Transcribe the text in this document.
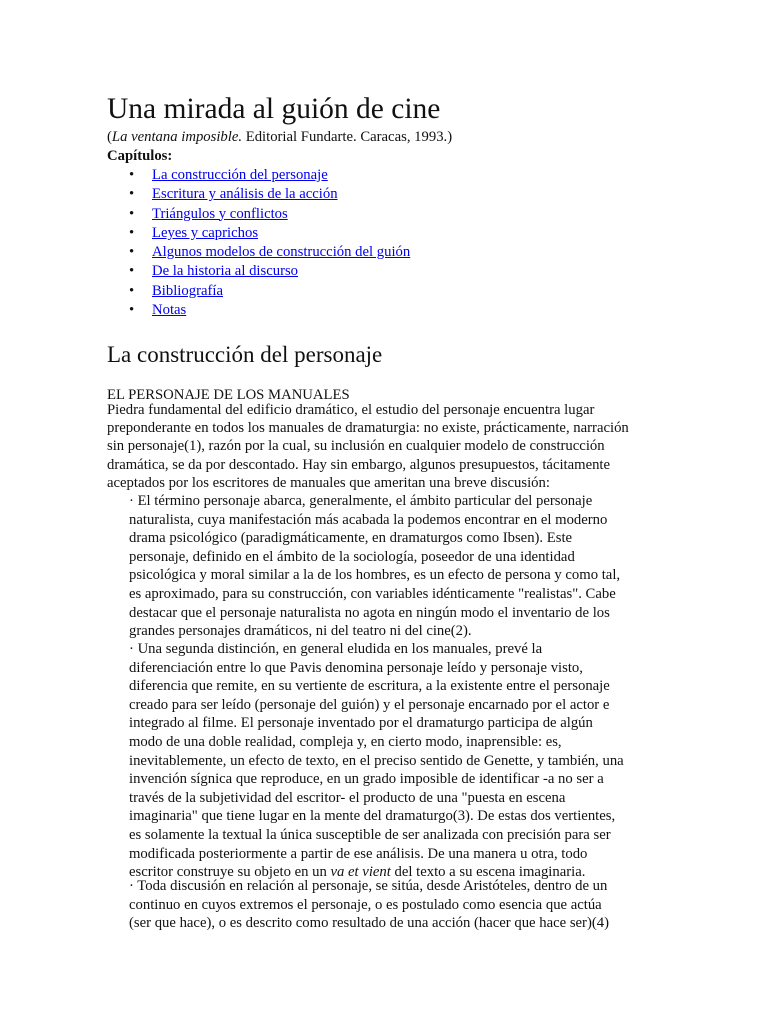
Una mirada al guión de cine
(La ventana imposible. Editorial Fundarte. Caracas, 1993.)
Capítulos:
• La construcción del personaje
• Escritura y análisis de la acción
• Triángulos y conflictos
• Leyes y caprichos
• Algunos modelos de construcción del guión
• De la historia al discurso
• Bibliografía
• Notas
La construcción del personaje
EL PERSONAJE DE LOS MANUALES
Piedra fundamental del edificio dramático, el estudio del personaje encuentra lugar
preponderante en todos los manuales de dramaturgia: no existe, prácticamente, narración
sin personaje(1), razón por la cual, su inclusión en cualquier modelo de construcción
dramática, se da por descontado. Hay sin embargo, algunos presupuestos, tácitamente
aceptados por los escritores de manuales que ameritan una breve discusión:
· El término personaje abarca, generalmente, el ámbito particular del personaje
naturalista, cuya manifestación más acabada la podemos encontrar en el moderno
drama psicológico (paradigmáticamente, en dramaturgos como Ibsen). Este
personaje, definido en el ámbito de la sociología, poseedor de una identidad
psicológica y moral similar a la de los hombres, es un efecto de persona y como tal,
es aproximado, para su construcción, con variables idénticamente "realistas". Cabe
destacar que el personaje naturalista no agota en ningún modo el inventario de los
grandes personajes dramáticos, ni del teatro ni del cine(2).
· Una segunda distinción, en general eludida en los manuales, prevé la
diferenciación entre lo que Pavis denomina personaje leído y personaje visto,
diferencia que remite, en su vertiente de escritura, a la existente entre el personaje
creado para ser leído (personaje del guión) y el personaje encarnado por el actor e
integrado al filme. El personaje inventado por el dramaturgo participa de algún
modo de una doble realidad, compleja y, en cierto modo, inaprensible: es,
inevitablemente, un efecto de texto, en el preciso sentido de Genette, y también, una
invención sígnica que reproduce, en un grado imposible de identificar -a no ser a
través de la subjetividad del escritor- el producto de una "puesta en escena
imaginaria" que tiene lugar en la mente del dramaturgo(3). De estas dos vertientes,
es solamente la textual la única susceptible de ser analizada con precisión para ser
modificada posteriormente a partir de ese análisis. De una manera u otra, todo
escritor construye su objeto en un va et vient del texto a su escena imaginaria.
· Toda discusión en relación al personaje, se sitúa, desde Aristóteles, dentro de un
continuo en cuyos extremos el personaje, o es postulado como esencia que actúa
(ser que hace), o es descrito como resultado de una acción (hacer que hace ser)(4)
